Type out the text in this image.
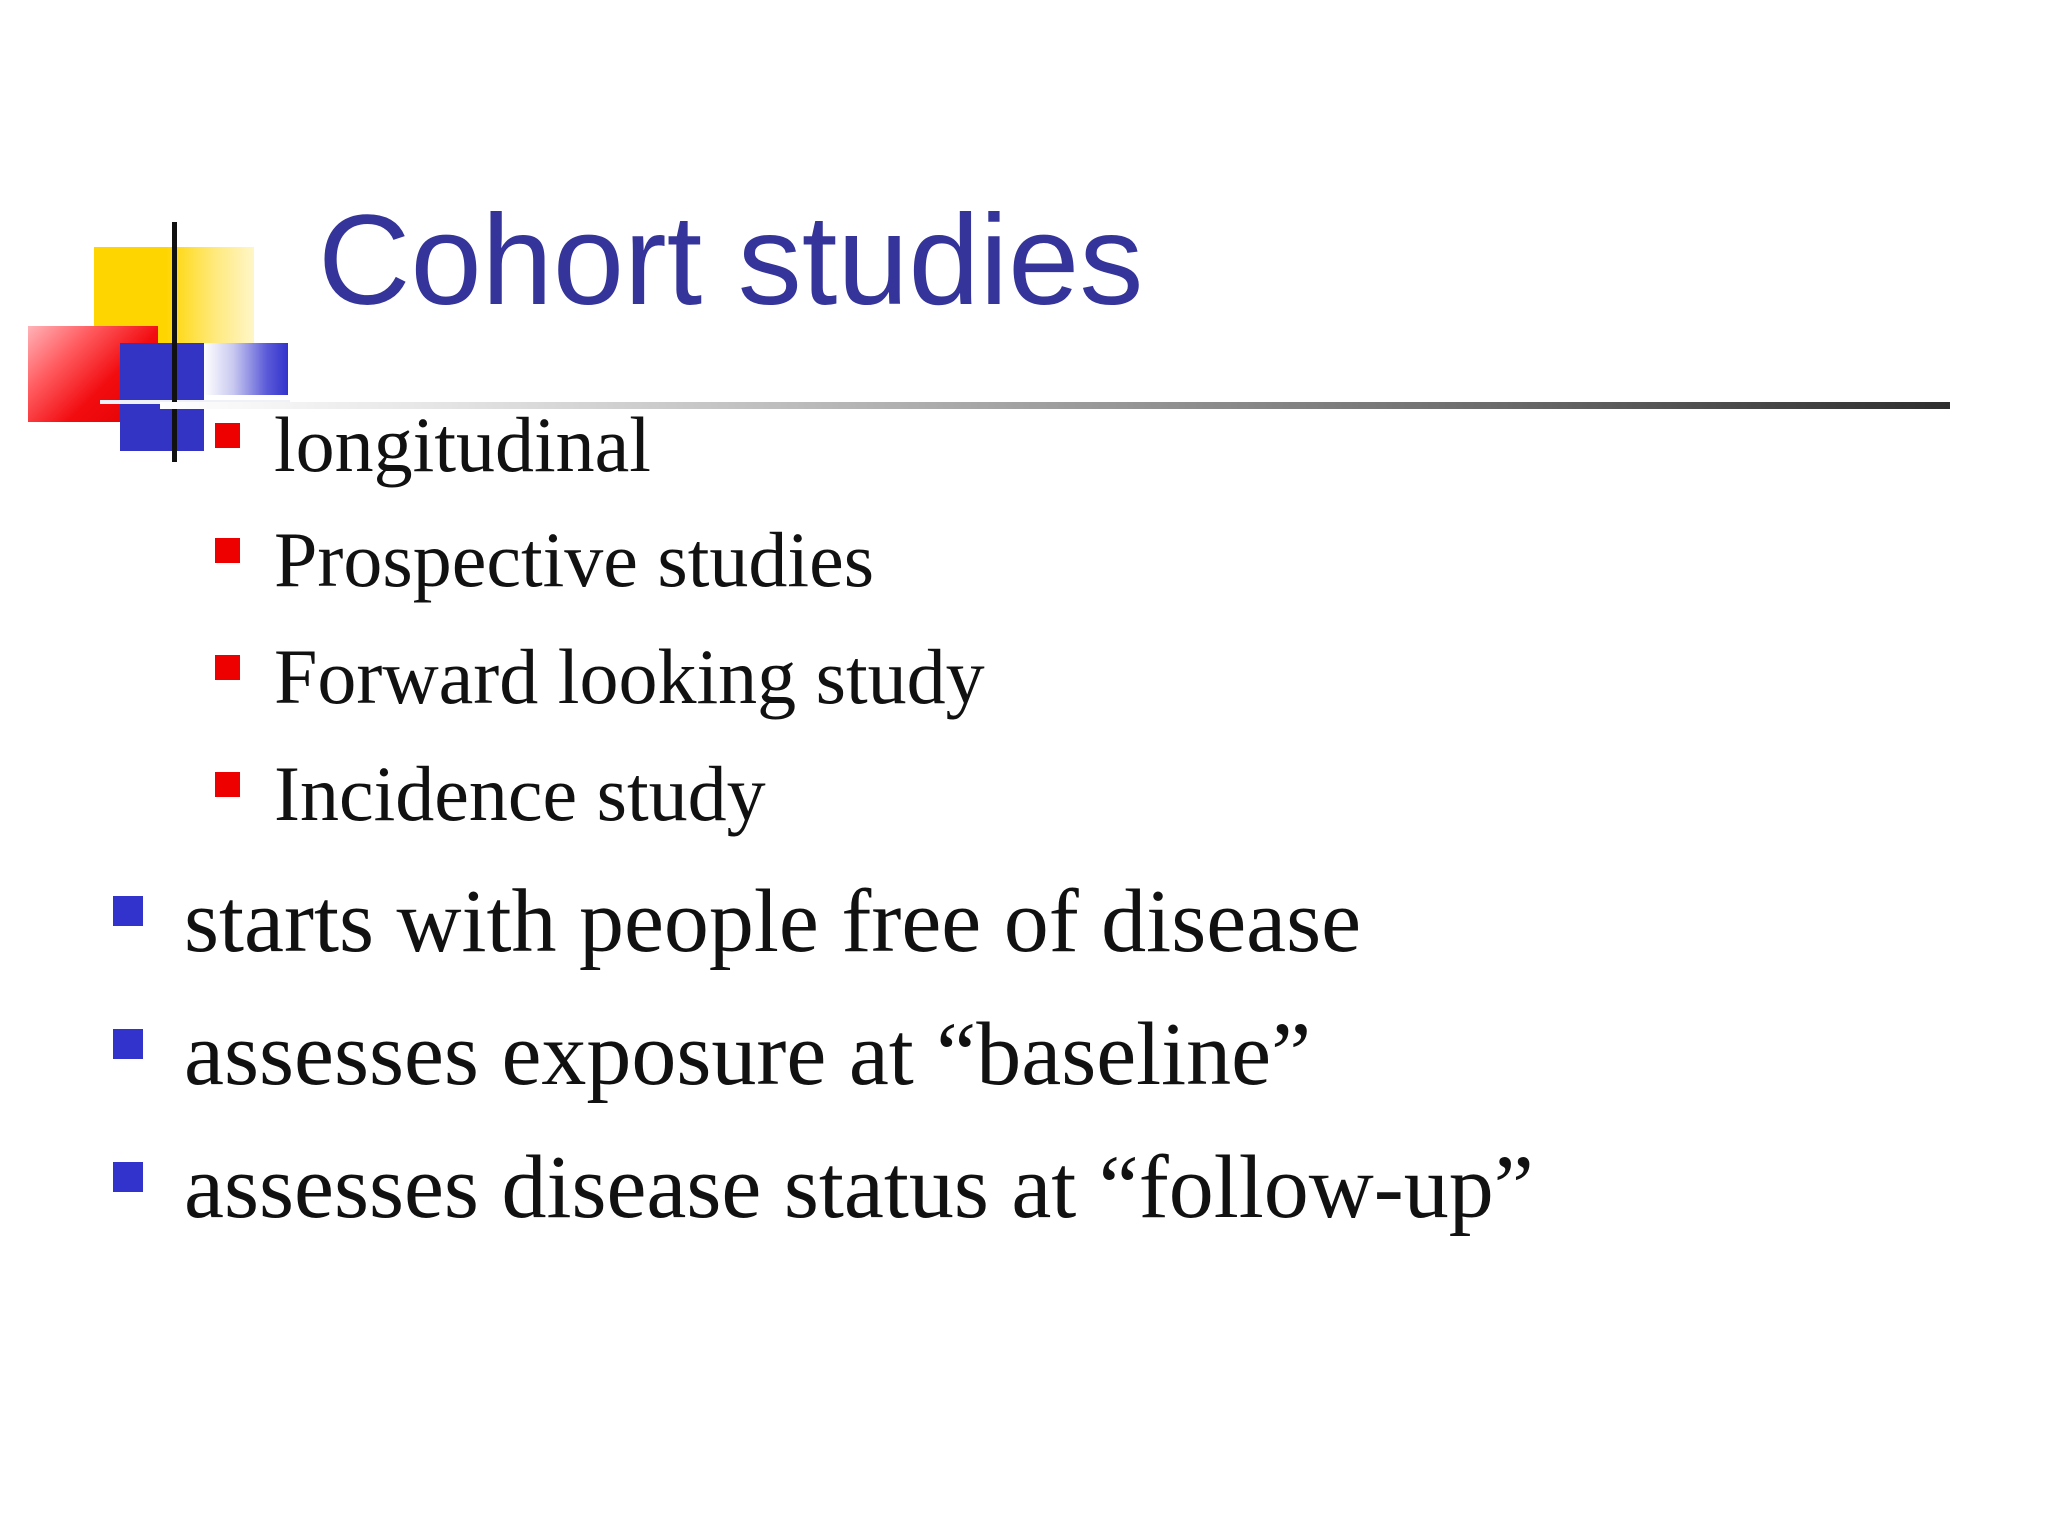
Cohort studies

longitudinal

Prospective studies

Forward looking study

Incidence study

starts with people free of disease

assesses exposure at “baseline”

assesses disease status at “follow-up”
